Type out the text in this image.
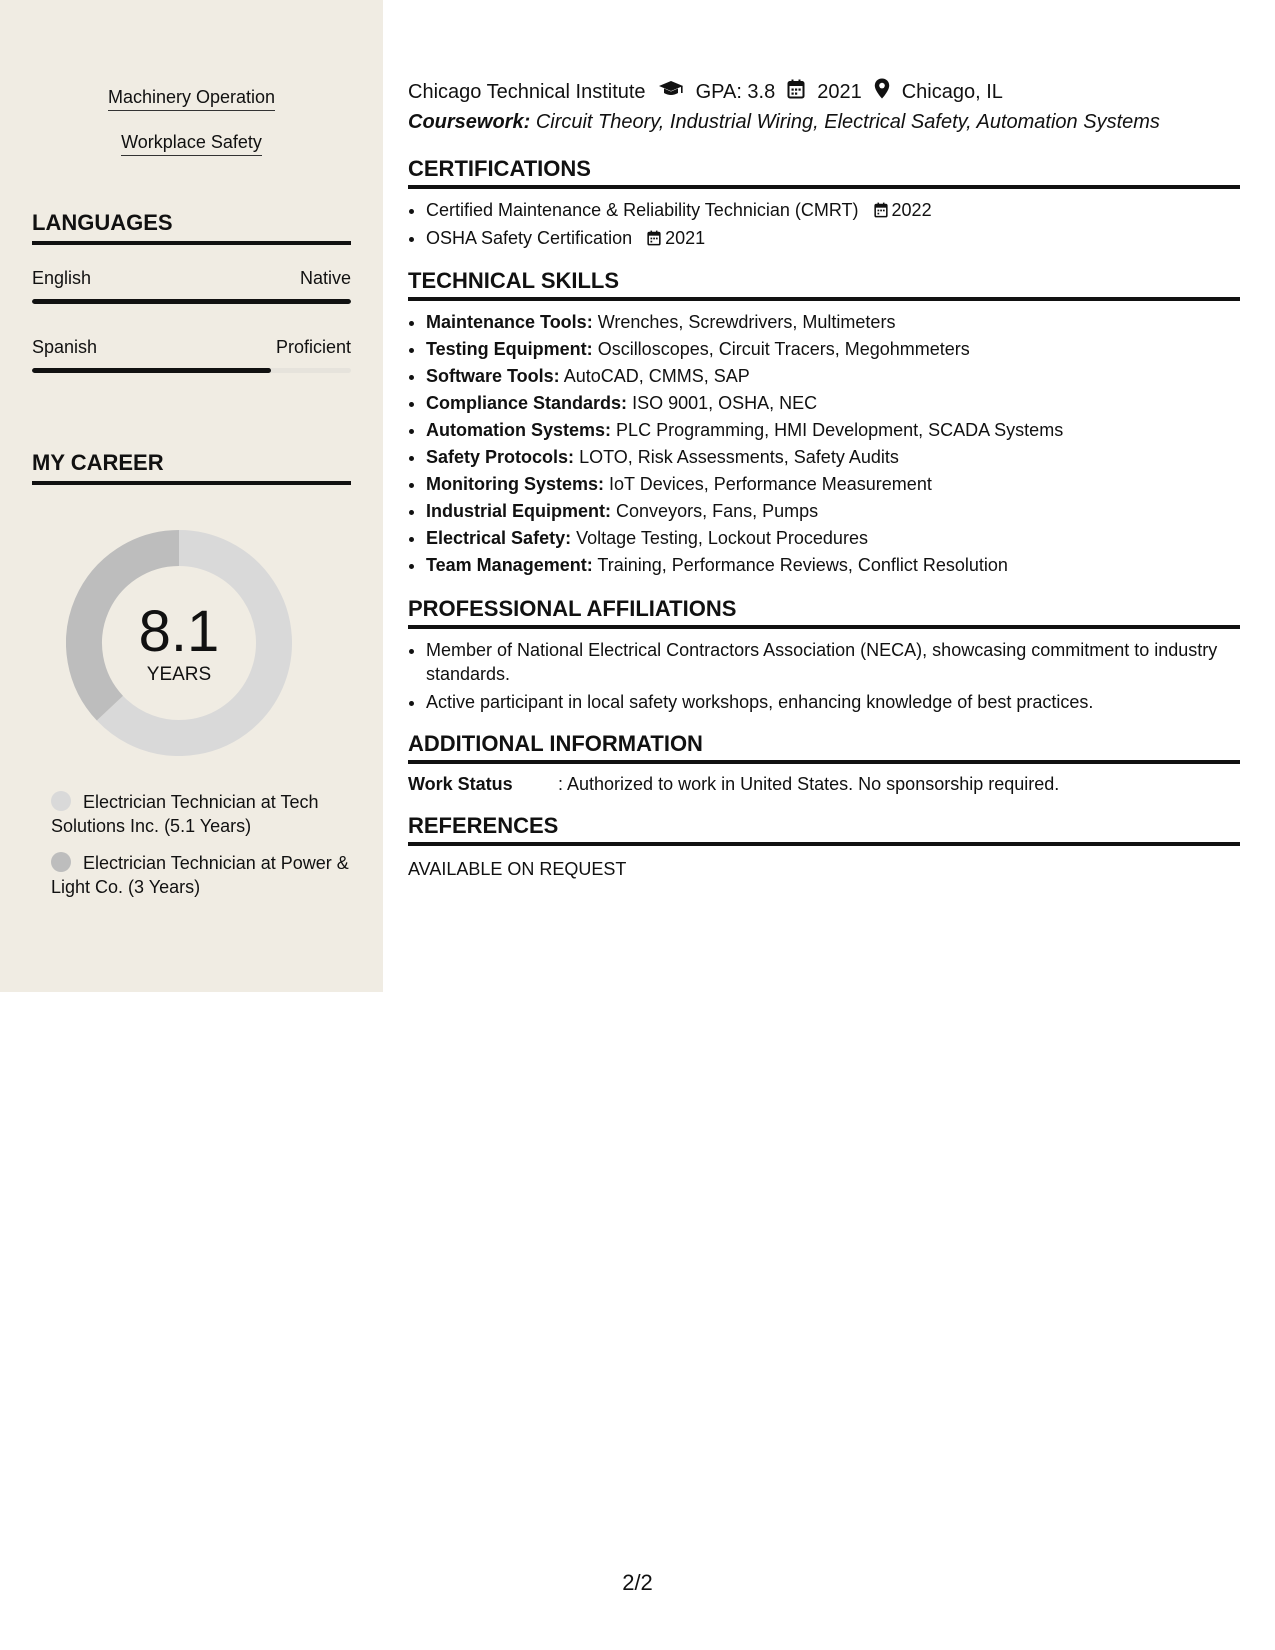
Machinery Operation
Workplace Safety
LANGUAGES
English	Native
Spanish	Proficient
MY CAREER
8.1
YEARS
Electrician Technician at Tech Solutions Inc. (5.1 Years)
Electrician Technician at Power & Light Co. (3 Years)
Chicago Technical Institute	GPA: 3.8 2021 Chicago, IL
Coursework: Circuit Theory, Industrial Wiring, Electrical Safety, Automation Systems
CERTIFICATIONS
• Certified Maintenance & Reliability Technician (CMRT) 2022
• OSHA Safety Certification 2021
TECHNICAL SKILLS
• Maintenance Tools: Wrenches, Screwdrivers, Multimeters
• Testing Equipment: Oscilloscopes, Circuit Tracers, Megohmmeters
• Software Tools: AutoCAD, CMMS, SAP
• Compliance Standards: ISO 9001, OSHA, NEC
• Automation Systems: PLC Programming, HMI Development, SCADA Systems
• Safety Protocols: LOTO, Risk Assessments, Safety Audits
• Monitoring Systems: IoT Devices, Performance Measurement
• Industrial Equipment: Conveyors, Fans, Pumps
• Electrical Safety: Voltage Testing, Lockout Procedures
• Team Management: Training, Performance Reviews, Conflict Resolution
PROFESSIONAL AFFILIATIONS
• Member of National Electrical Contractors Association (NECA), showcasing commitment to industry standards.
• Active participant in local safety workshops, enhancing knowledge of best practices.
ADDITIONAL INFORMATION
Work Status	: Authorized to work in United States. No sponsorship required.
REFERENCES
AVAILABLE ON REQUEST
2/2
